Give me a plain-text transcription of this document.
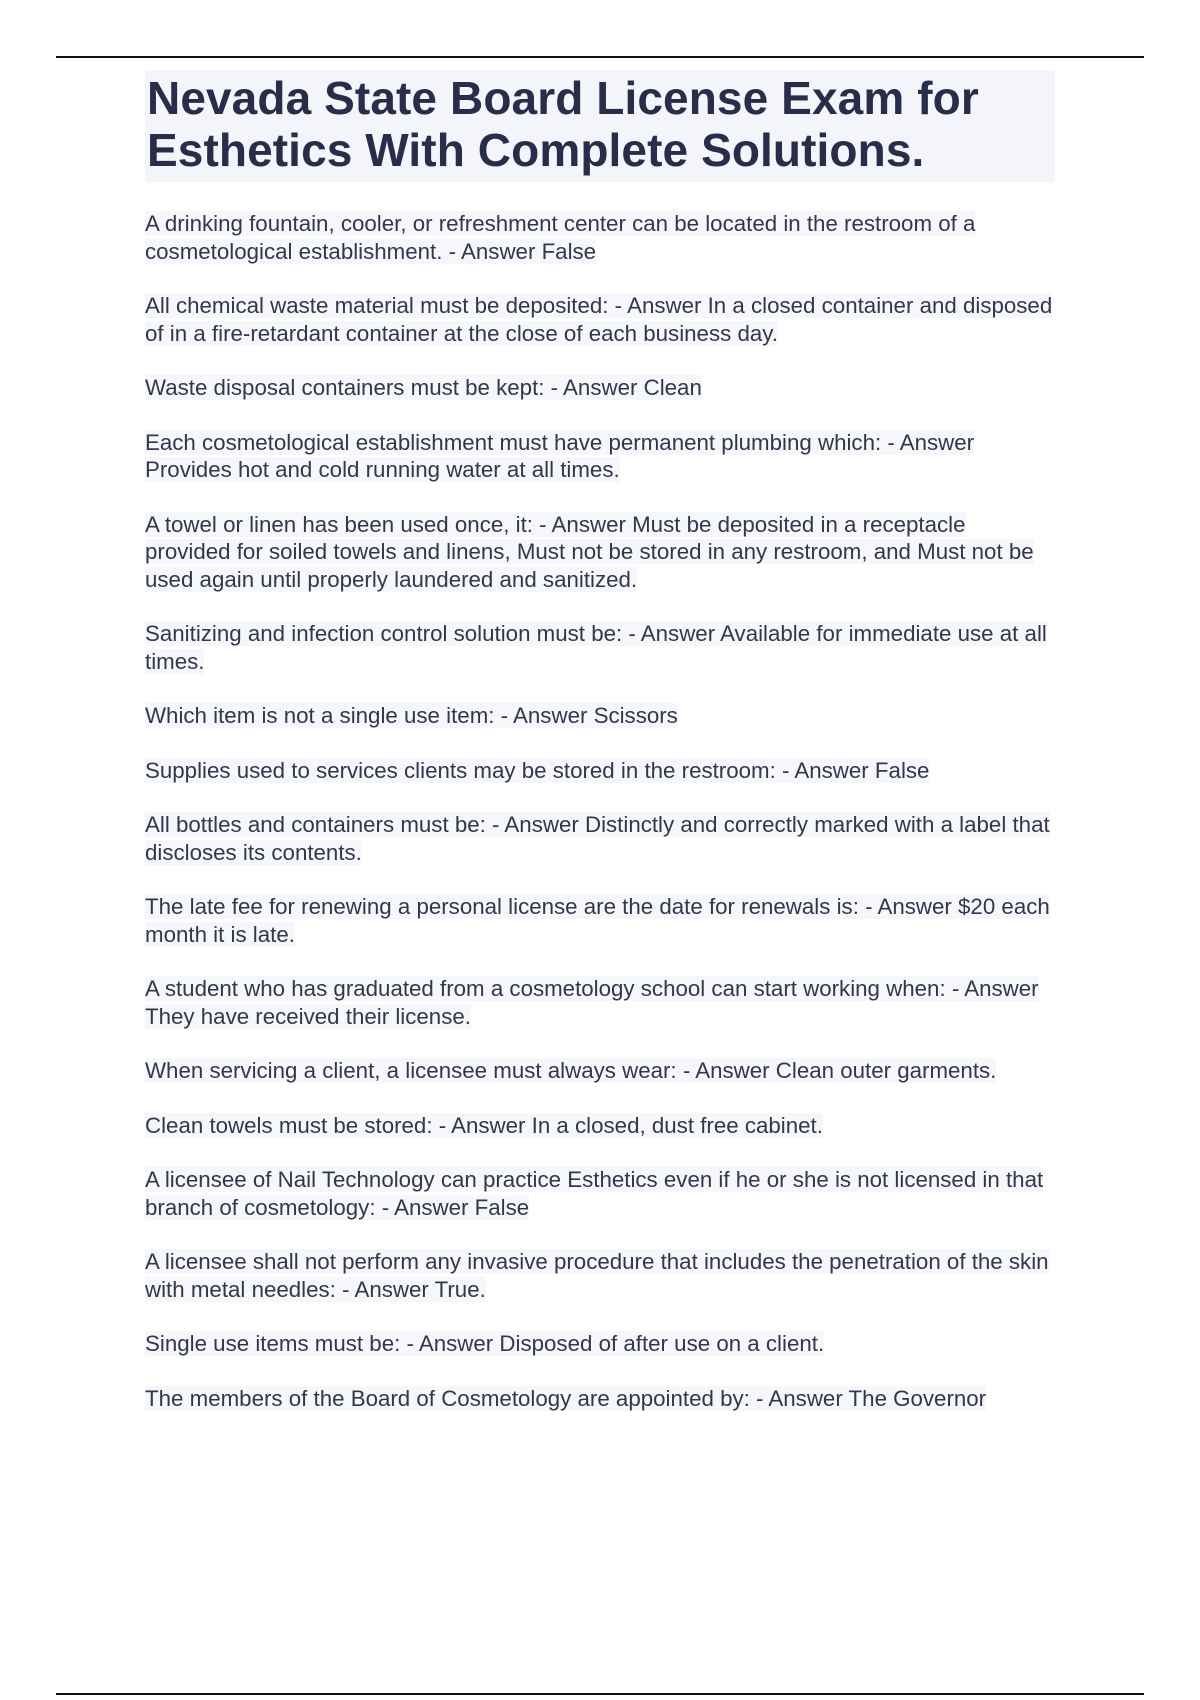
Nevada State Board License Exam for Esthetics With Complete Solutions.
A drinking fountain, cooler, or refreshment center can be located in the restroom of a cosmetological establishment. - Answer False
All chemical waste material must be deposited: - Answer In a closed container and disposed of in a fire-retardant container at the close of each business day.
Waste disposal containers must be kept: - Answer Clean
Each cosmetological establishment must have permanent plumbing which: - Answer Provides hot and cold running water at all times.
A towel or linen has been used once, it: - Answer Must be deposited in a receptacle provided for soiled towels and linens, Must not be stored in any restroom, and Must not be used again until properly laundered and sanitized.
Sanitizing and infection control solution must be: - Answer Available for immediate use at all times.
Which item is not a single use item: - Answer Scissors
Supplies used to services clients may be stored in the restroom: - Answer False
All bottles and containers must be: - Answer Distinctly and correctly marked with a label that discloses its contents.
The late fee for renewing a personal license are the date for renewals is: - Answer $20 each month it is late.
A student who has graduated from a cosmetology school can start working when: - Answer They have received their license.
When servicing a client, a licensee must always wear: - Answer Clean outer garments.
Clean towels must be stored: - Answer In a closed, dust free cabinet.
A licensee of Nail Technology can practice Esthetics even if he or she is not licensed in that branch of cosmetology: - Answer False
A licensee shall not perform any invasive procedure that includes the penetration of the skin with metal needles: - Answer True.
Single use items must be: - Answer Disposed of after use on a client.
The members of the Board of Cosmetology are appointed by: - Answer The Governor
